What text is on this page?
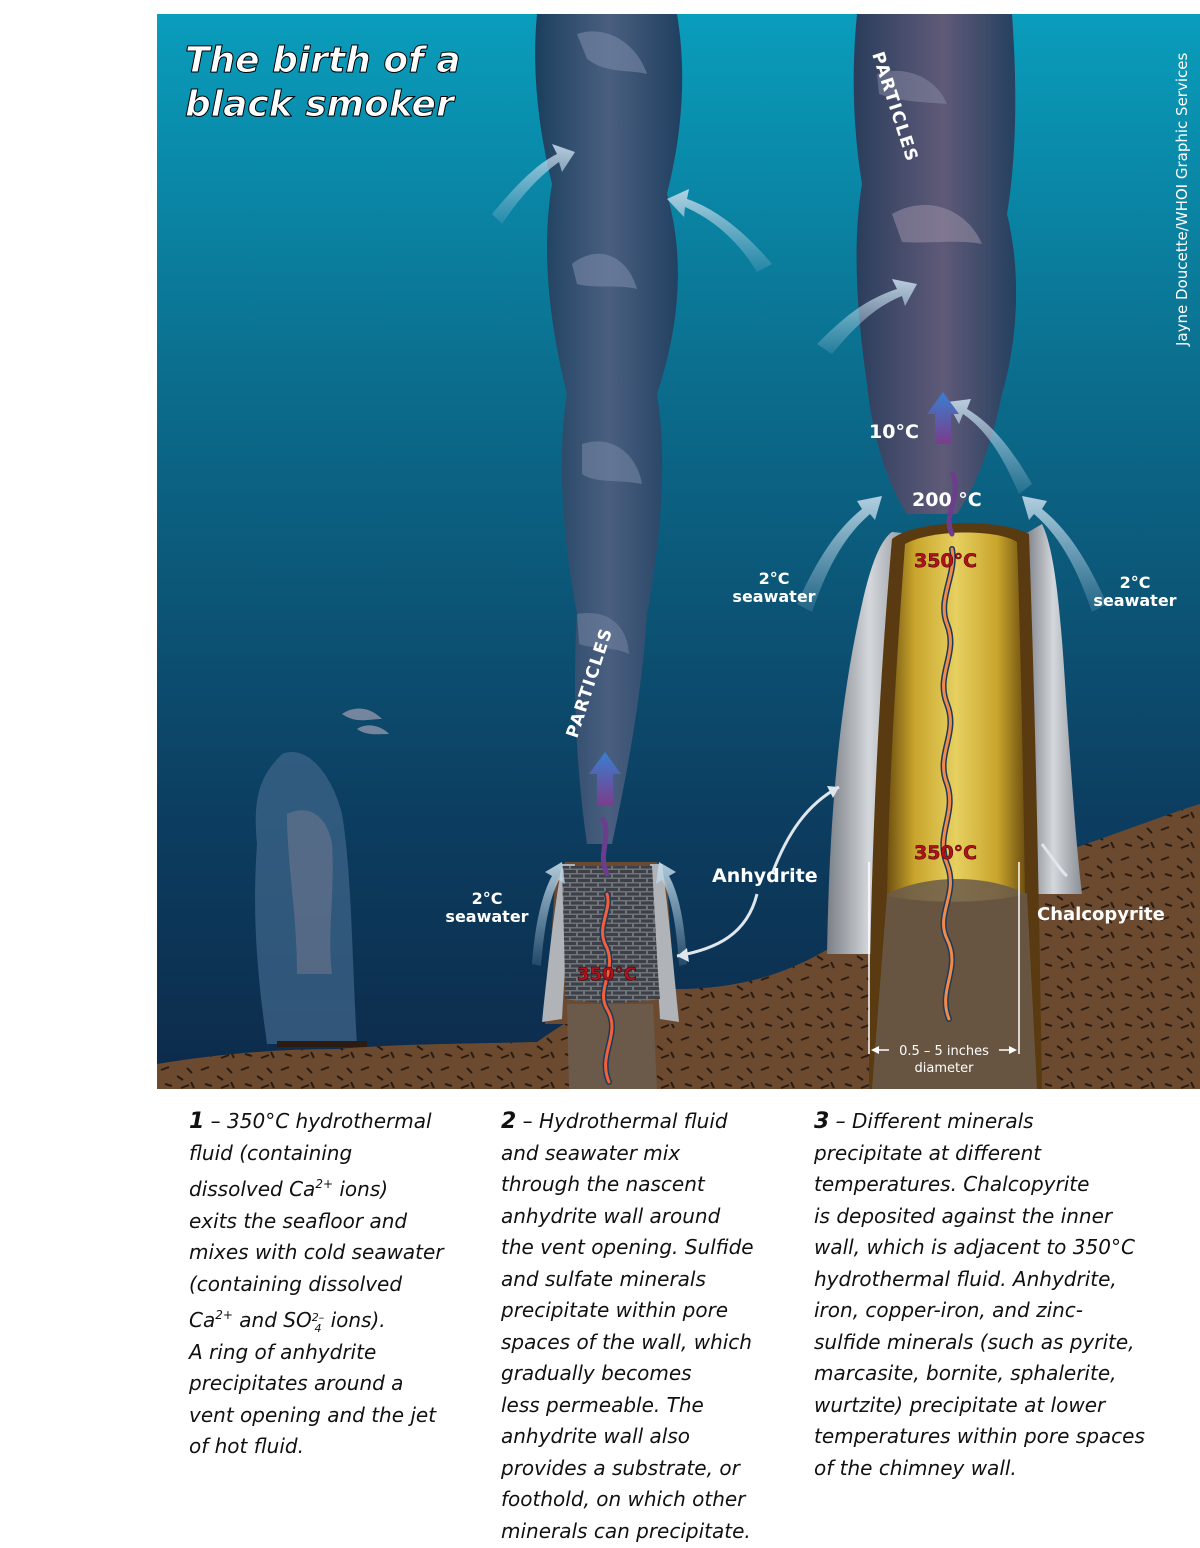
The birth of a
black smoker	Jayne Doucette/WHOI Graphic Services
PARTICLES
PARTICLES
2°C
seawater
2°C
seawater
2°C
seawater
Anhydrite
Chalcopyrite
350°C
350°C
350°C
200 °C
10°C
0.5 – 5 inches
diameter
1 – 350°C hydrothermal
fluid (containing
dissolved $Ca^{2+}$ ions)
exits the seafloor and
mixes with cold seawater
(containing dissolved
$Ca^{2+}$ and SO2–
4 ions).
A ring of anhydrite
precipitates around a
vent opening and the jet
of hot fluid.
2 – Hydrothermal fluid
and seawater mix
through the nascent
anhydrite wall around
the vent opening. Sulfide
and sulfate minerals
precipitate within pore
spaces of the wall, which
gradually becomes
less permeable. The
anhydrite wall also
provides a substrate, or
foothold, on which other
minerals can precipitate.
3 – Different minerals
precipitate at different
temperatures. Chalcopyrite
is deposited against the inner
wall, which is adjacent to 350°C
hydrothermal fluid. Anhydrite,
iron, copper-iron, and zinc-
sulfide minerals (such as pyrite,
marcasite, bornite, sphalerite,
wurtzite) precipitate at lower
temperatures within pore spaces
of the chimney wall.
